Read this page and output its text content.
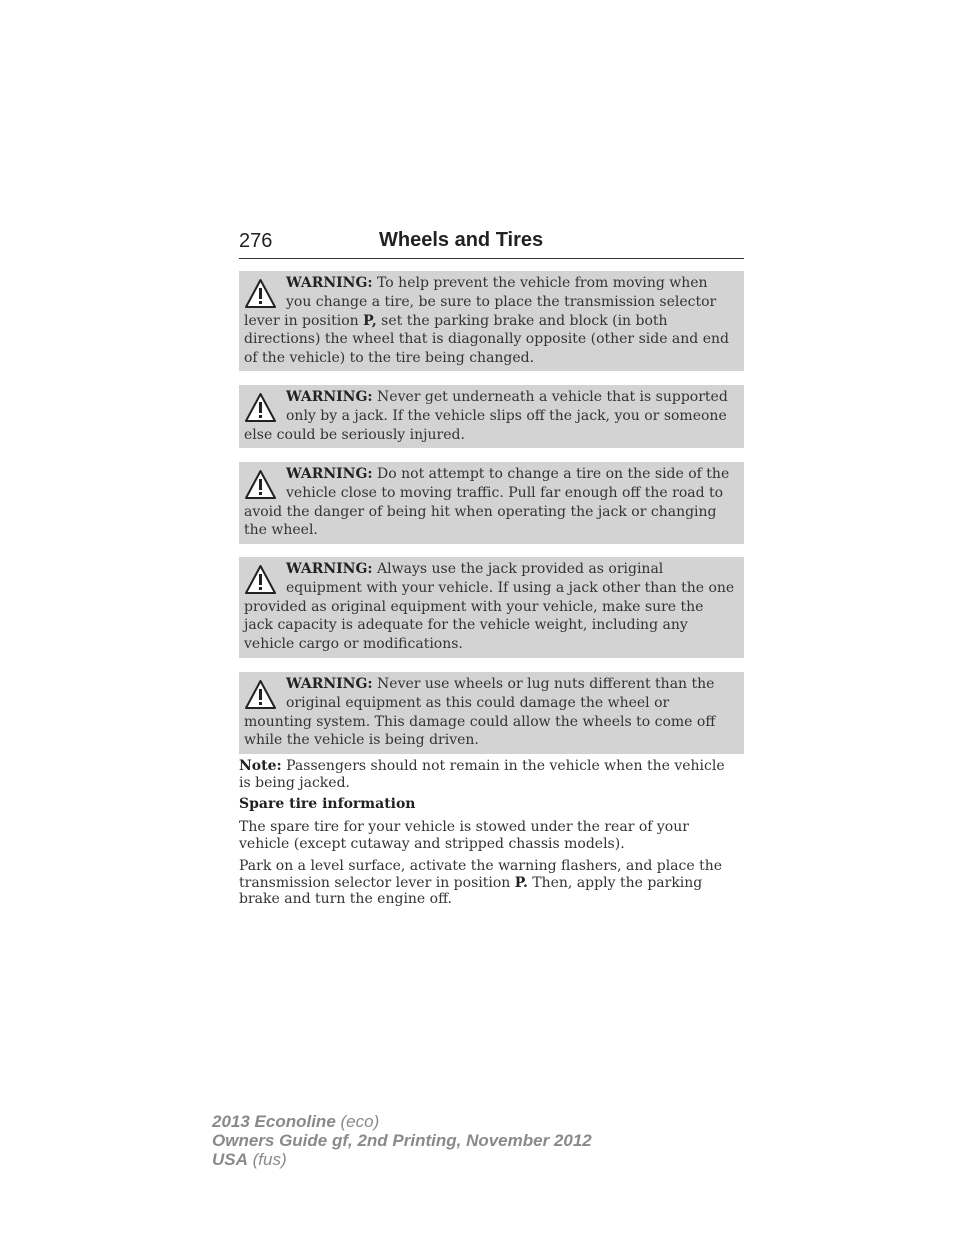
276	Wheels and Tires
WARNING: To help prevent the vehicle from moving when you change a tire, be sure to place the transmission selector lever in position P, set the parking brake and block (in both directions) the wheel that is diagonally opposite (other side and end of the vehicle) to the tire being changed.
WARNING: Never get underneath a vehicle that is supported only by a jack. If the vehicle slips off the jack, you or someone else could be seriously injured.
WARNING: Do not attempt to change a tire on the side of the vehicle close to moving traffic. Pull far enough off the road to avoid the danger of being hit when operating the jack or changing the wheel.
WARNING: Always use the jack provided as original equipment with your vehicle. If using a jack other than the one provided as original equipment with your vehicle, make sure the jack capacity is adequate for the vehicle weight, including any vehicle cargo or modifications.
WARNING: Never use wheels or lug nuts different than the original equipment as this could damage the wheel or mounting system. This damage could allow the wheels to come off while the vehicle is being driven.

Note: Passengers should not remain in the vehicle when the vehicle is being jacked.

Spare tire information

The spare tire for your vehicle is stowed under the rear of your vehicle (except cutaway and stripped chassis models).

Park on a level surface, activate the warning flashers, and place the transmission selector lever in position P. Then, apply the parking brake and turn the engine off.

2013 Econoline (eco)
Owners Guide gf, 2nd Printing, November 2012
USA (fus)
